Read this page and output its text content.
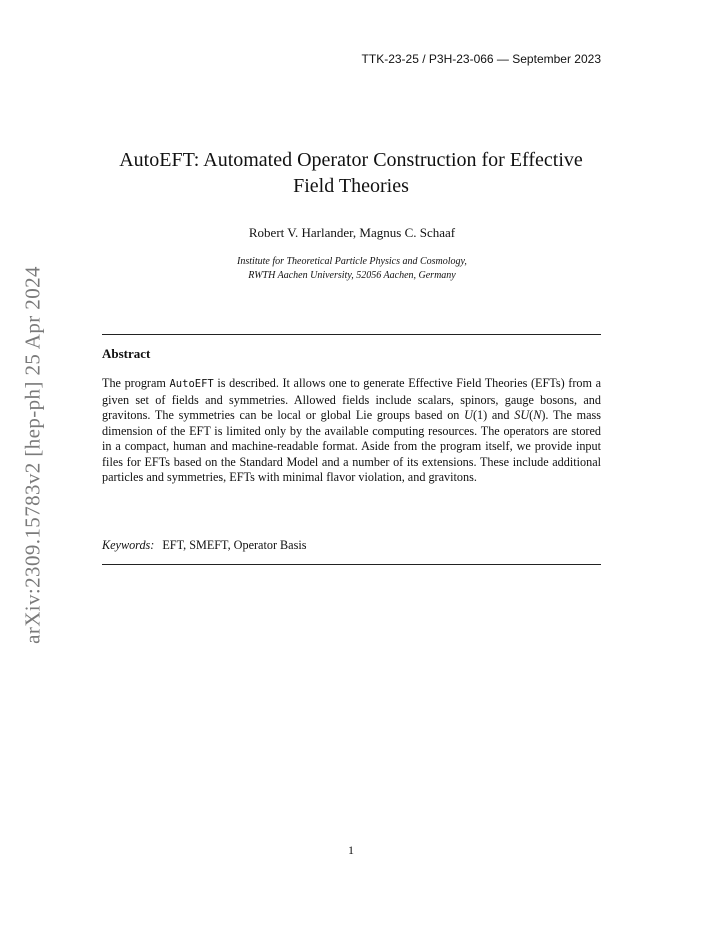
arXiv:2309.15783v2 [hep-ph] 25 Apr 2024
TTK-23-25 / P3H-23-066 — September 2023
AutoEFT: Automated Operator Construction for Effective
Field Theories
Robert V. Harlander, Magnus C. Schaaf
Institute for Theoretical Particle Physics and Cosmology,
RWTH Aachen University, 52056 Aachen, Germany
Abstract

The program AutoEFT is described. It allows one to generate Effective Field Theories (EFTs) from a given set of fields and symmetries. Allowed fields include scalars, spinors, gauge bosons, and gravitons. The symmetries can be local or global Lie groups based on U(1) and SU(N). The mass dimension of the EFT is limited only by the available computing resources. The operators are stored in a compact, human and machine-readable format. Aside from the program itself, we provide input files for EFTs based on the Standard Model and a number of its extensions. These include additional particles and symmetries, EFTs with minimal flavor violation, and gravitons.

Keywords: EFT, SMEFT, Operator Basis
1
